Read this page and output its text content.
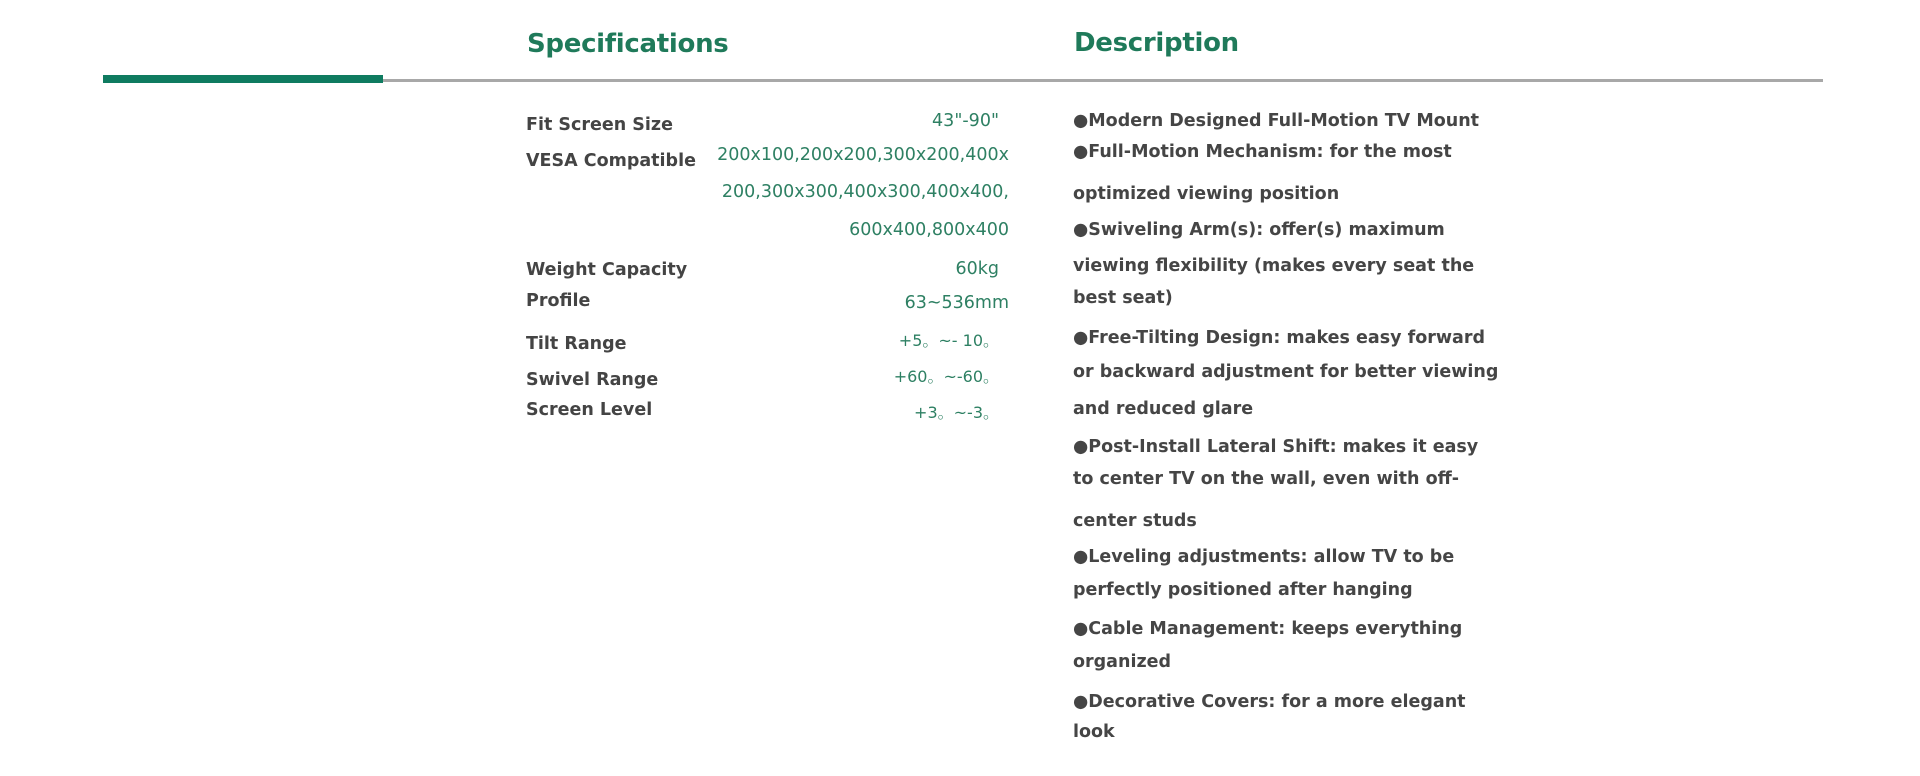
Specifications	Description
Fit Screen Size
VESA Compatible
Weight Capacity
Profile
Tilt Range
Swivel Range
Screen Level
43"-90"
200x100,200x200,300x200,400x
200,300x300,400x300,400x400,
600x400,800x400
60kg
63~536mm
+5。~- 10。
+60。~-60。
+3。~-3。
●Modern Designed Full-Motion TV Mount
●Full-Motion Mechanism: for the most
optimized viewing position
●Swiveling Arm(s): offer(s) maximum
viewing flexibility (makes every seat the
best seat)
●Free-Tilting Design: makes easy forward
or backward adjustment for better viewing
and reduced glare
●Post-Install Lateral Shift: makes it easy
to center TV on the wall, even with off-
center studs
●Leveling adjustments: allow TV to be
perfectly positioned after hanging
●Cable Management: keeps everything
organized
●Decorative Covers: for a more elegant
look
